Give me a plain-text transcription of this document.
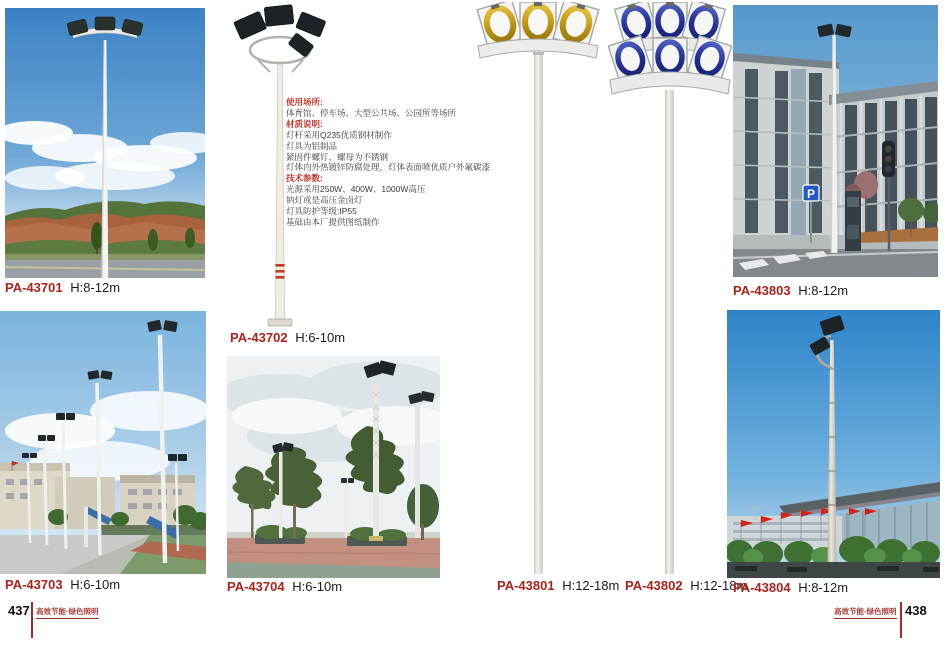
PA-43701 H:8-12m
PA-43702 H:6-10m
使用场所:
体育馆、停车场、大型公共场、公园所等场所
材质说明:
灯杆采用Q235优质钢材制作
灯具为铝制品
紧固件螺钉、螺母为不锈钢
灯体内外热镀锌防腐处理，灯体表面喷优质户外氟碳漆
技术参数:
光源采用250W、400W、1000W高压
钠灯或是高压金卤灯
灯具防护等级:IP55
基础由本厂提供图纸制作
PA-43703 H:6-10m	PA-43704 H:6-10m	PA-43801 H:12-18m PA-43802 H:12-18m
P
PA-43803 H:8-12m
PA-43804 H:8-12m
437 高效节能·绿色照明	高效节能·绿色照明 438
